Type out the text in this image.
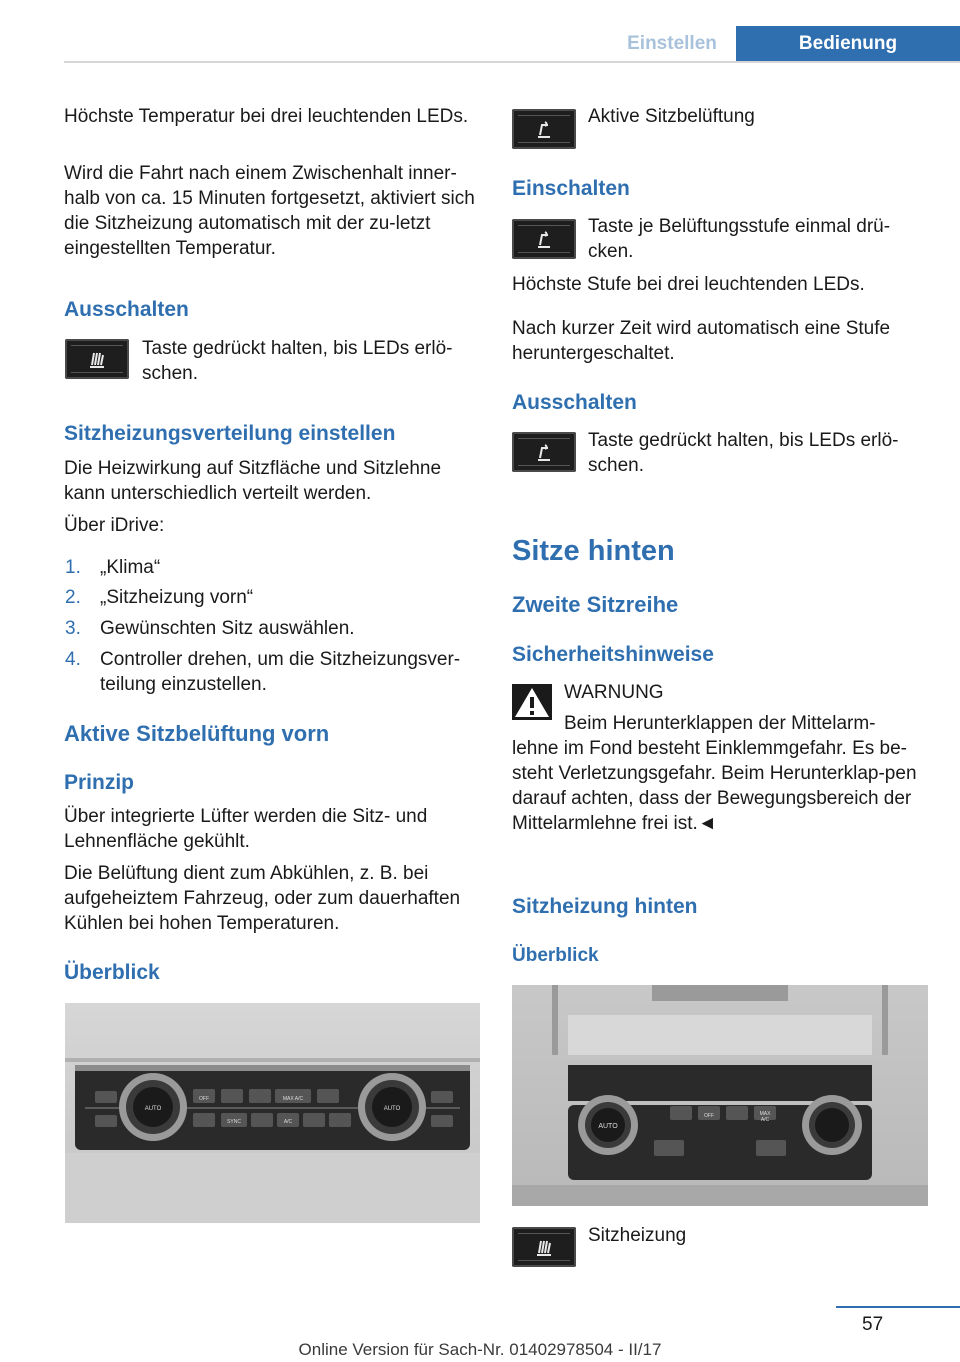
Einstellen	Bedienung

Höchste Temperatur bei drei leuchtenden LEDs.

Wird die Fahrt nach einem Zwischenhalt inner‐halb von ca. 15 Minuten fortgesetzt, aktiviert sich die Sitzheizung automatisch mit der zu‐letzt eingestellten Temperatur.

Ausschalten

Taste gedrückt halten, bis LEDs erlö‐schen.

Sitzheizungsverteilung einstellen

Die Heizwirkung auf Sitzfläche und Sitzlehne kann unterschiedlich verteilt werden.

Über iDrive:

1. „Klima“
2. „Sitzheizung vorn“
3. Gewünschten Sitz auswählen.
4. Controller drehen, um die Sitzheizungsver‐teilung einzustellen.
Aktive Sitzbelüftung vorn
Prinzip

Über integrierte Lüfter werden die Sitz- und Lehnenfläche gekühlt.

Die Belüftung dient zum Abkühlen, z. B. bei aufgeheiztem Fahrzeug, oder zum dauerhaften Kühlen bei hohen Temperaturen.

Überblick
AUTO	AUTO
OFF	MAX A/C
SYNC	A/C

Aktive Sitzbelüftung

Einschalten

Taste je Belüftungsstufe einmal drü‐cken.

Höchste Stufe bei drei leuchtenden LEDs.

Nach kurzer Zeit wird automatisch eine Stufe heruntergeschaltet.

Ausschalten

Taste gedrückt halten, bis LEDs erlö‐schen.

Sitze hinten
Zweite Sitzreihe
Sicherheitshinweise

WARNUNG

Beim Herunterklappen der Mittelarm‐

lehne im Fond besteht Einklemmgefahr. Es be‐steht Verletzungsgefahr. Beim Herunterklap‐pen darauf achten, dass der Bewegungsbereich der Mittelarmlehne frei ist.◄

Sitzheizung hinten
Überblick
AUTO
OFF	MAX
A/C

Sitzheizung

57
Online Version für Sach-Nr. 01402978504 - II/17
